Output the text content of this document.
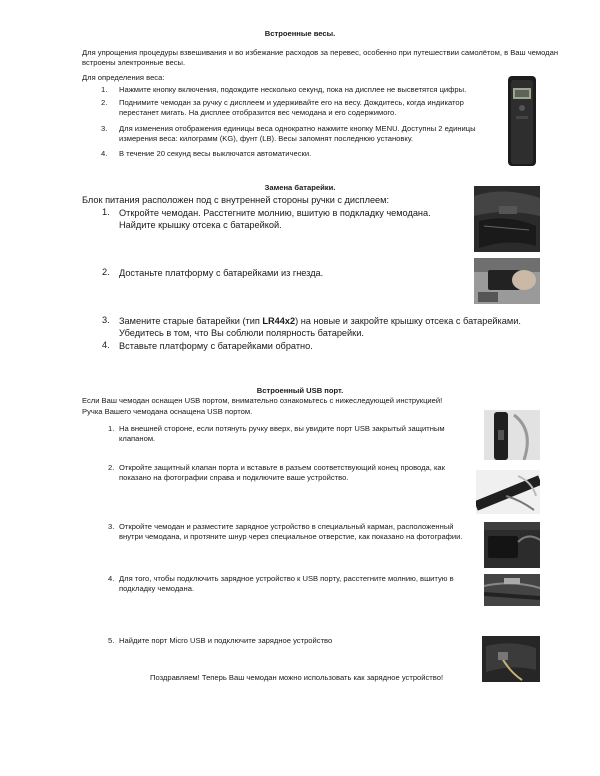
Встроенные весы.
Для упрощения процедуры взвешивания и во избежание расходов за перевес, особенно при путешествии самолётом, в Ваш чемодан встроены электронные весы.
Для определения веса:
1. Нажмите кнопку включения, подождите несколько секунд, пока на дисплее не высветятся цифры.
2. Поднимите чемодан за ручку с дисплеем и удерживайте его на весу. Дождитесь, когда индикатор перестанет мигать. На дисплее отобразится вес чемодана и его содержимого.
3. Для изменения отображения единицы веса однократно нажмите кнопку MENU. Доступны 2 единицы измерения веса: килограмм (KG), фунт (LB). Весы запомнят последнюю установку.
4. В течение 20 секунд весы выключатся автоматически.
Замена батарейки.
Блок питания расположен под с внутренней стороны ручки с дисплеем:
1. Откройте чемодан. Расстегните молнию, вшитую в подкладку чемодана. Найдите крышку отсека с батарейкой.
2. Достаньте платформу с батарейками из гнезда.
3. Замените старые батарейки (тип LR44x2) на новые и закройте крышку отсека с батарейками. Убедитесь в том, что Вы соблюли полярность батарейки.
4. Вставьте платформу с батарейками обратно.
Встроенный USB порт.
Если Ваш чемодан оснащен USB портом, внимательно ознакомьтесь с нижеследующей инструкцией!
Ручка Вашего чемодана оснащена USB портом.
1. На внешней стороне, если потянуть ручку вверх, вы увидите порт USB закрытый защитным клапаном.
2. Откройте защитный клапан порта и вставьте в разъем соответствующий конец провода, как показано на фотографии справа и подключите ваше устройство.
3. Откройте чемодан и разместите зарядное устройство в специальный карман, расположенный внутри чемодана, и протяните шнур через специальное отверстие, как показано на фотографии.
4. Для того, чтобы подключить зарядное устройство к USB порту, расстегните молнию, вшитую в подкладку чемодана.
5. Найдите порт Micro USB и подключите зарядное устройство
Поздравляем! Теперь Ваш чемодан можно использовать как зарядное устройство!
